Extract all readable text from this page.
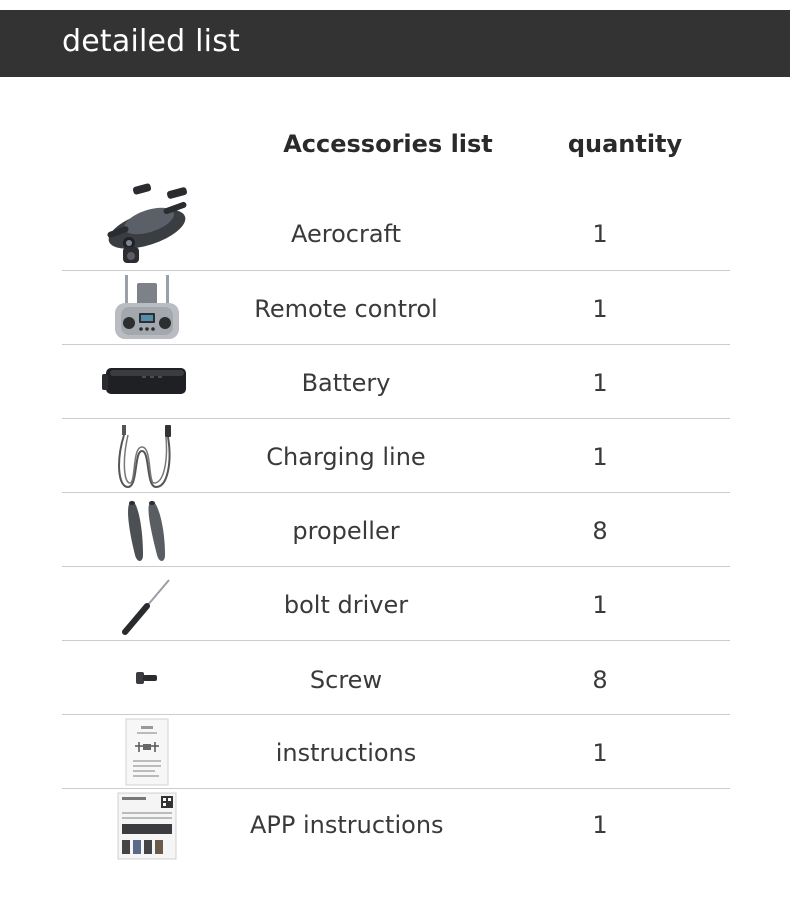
detailed list
Accessories list	quantity
Aerocraft	1
Remote control	1
Battery	1
Charging line	1
propeller	8
bolt driver	1
Screw	8
instructions	1
APP instructions	1
